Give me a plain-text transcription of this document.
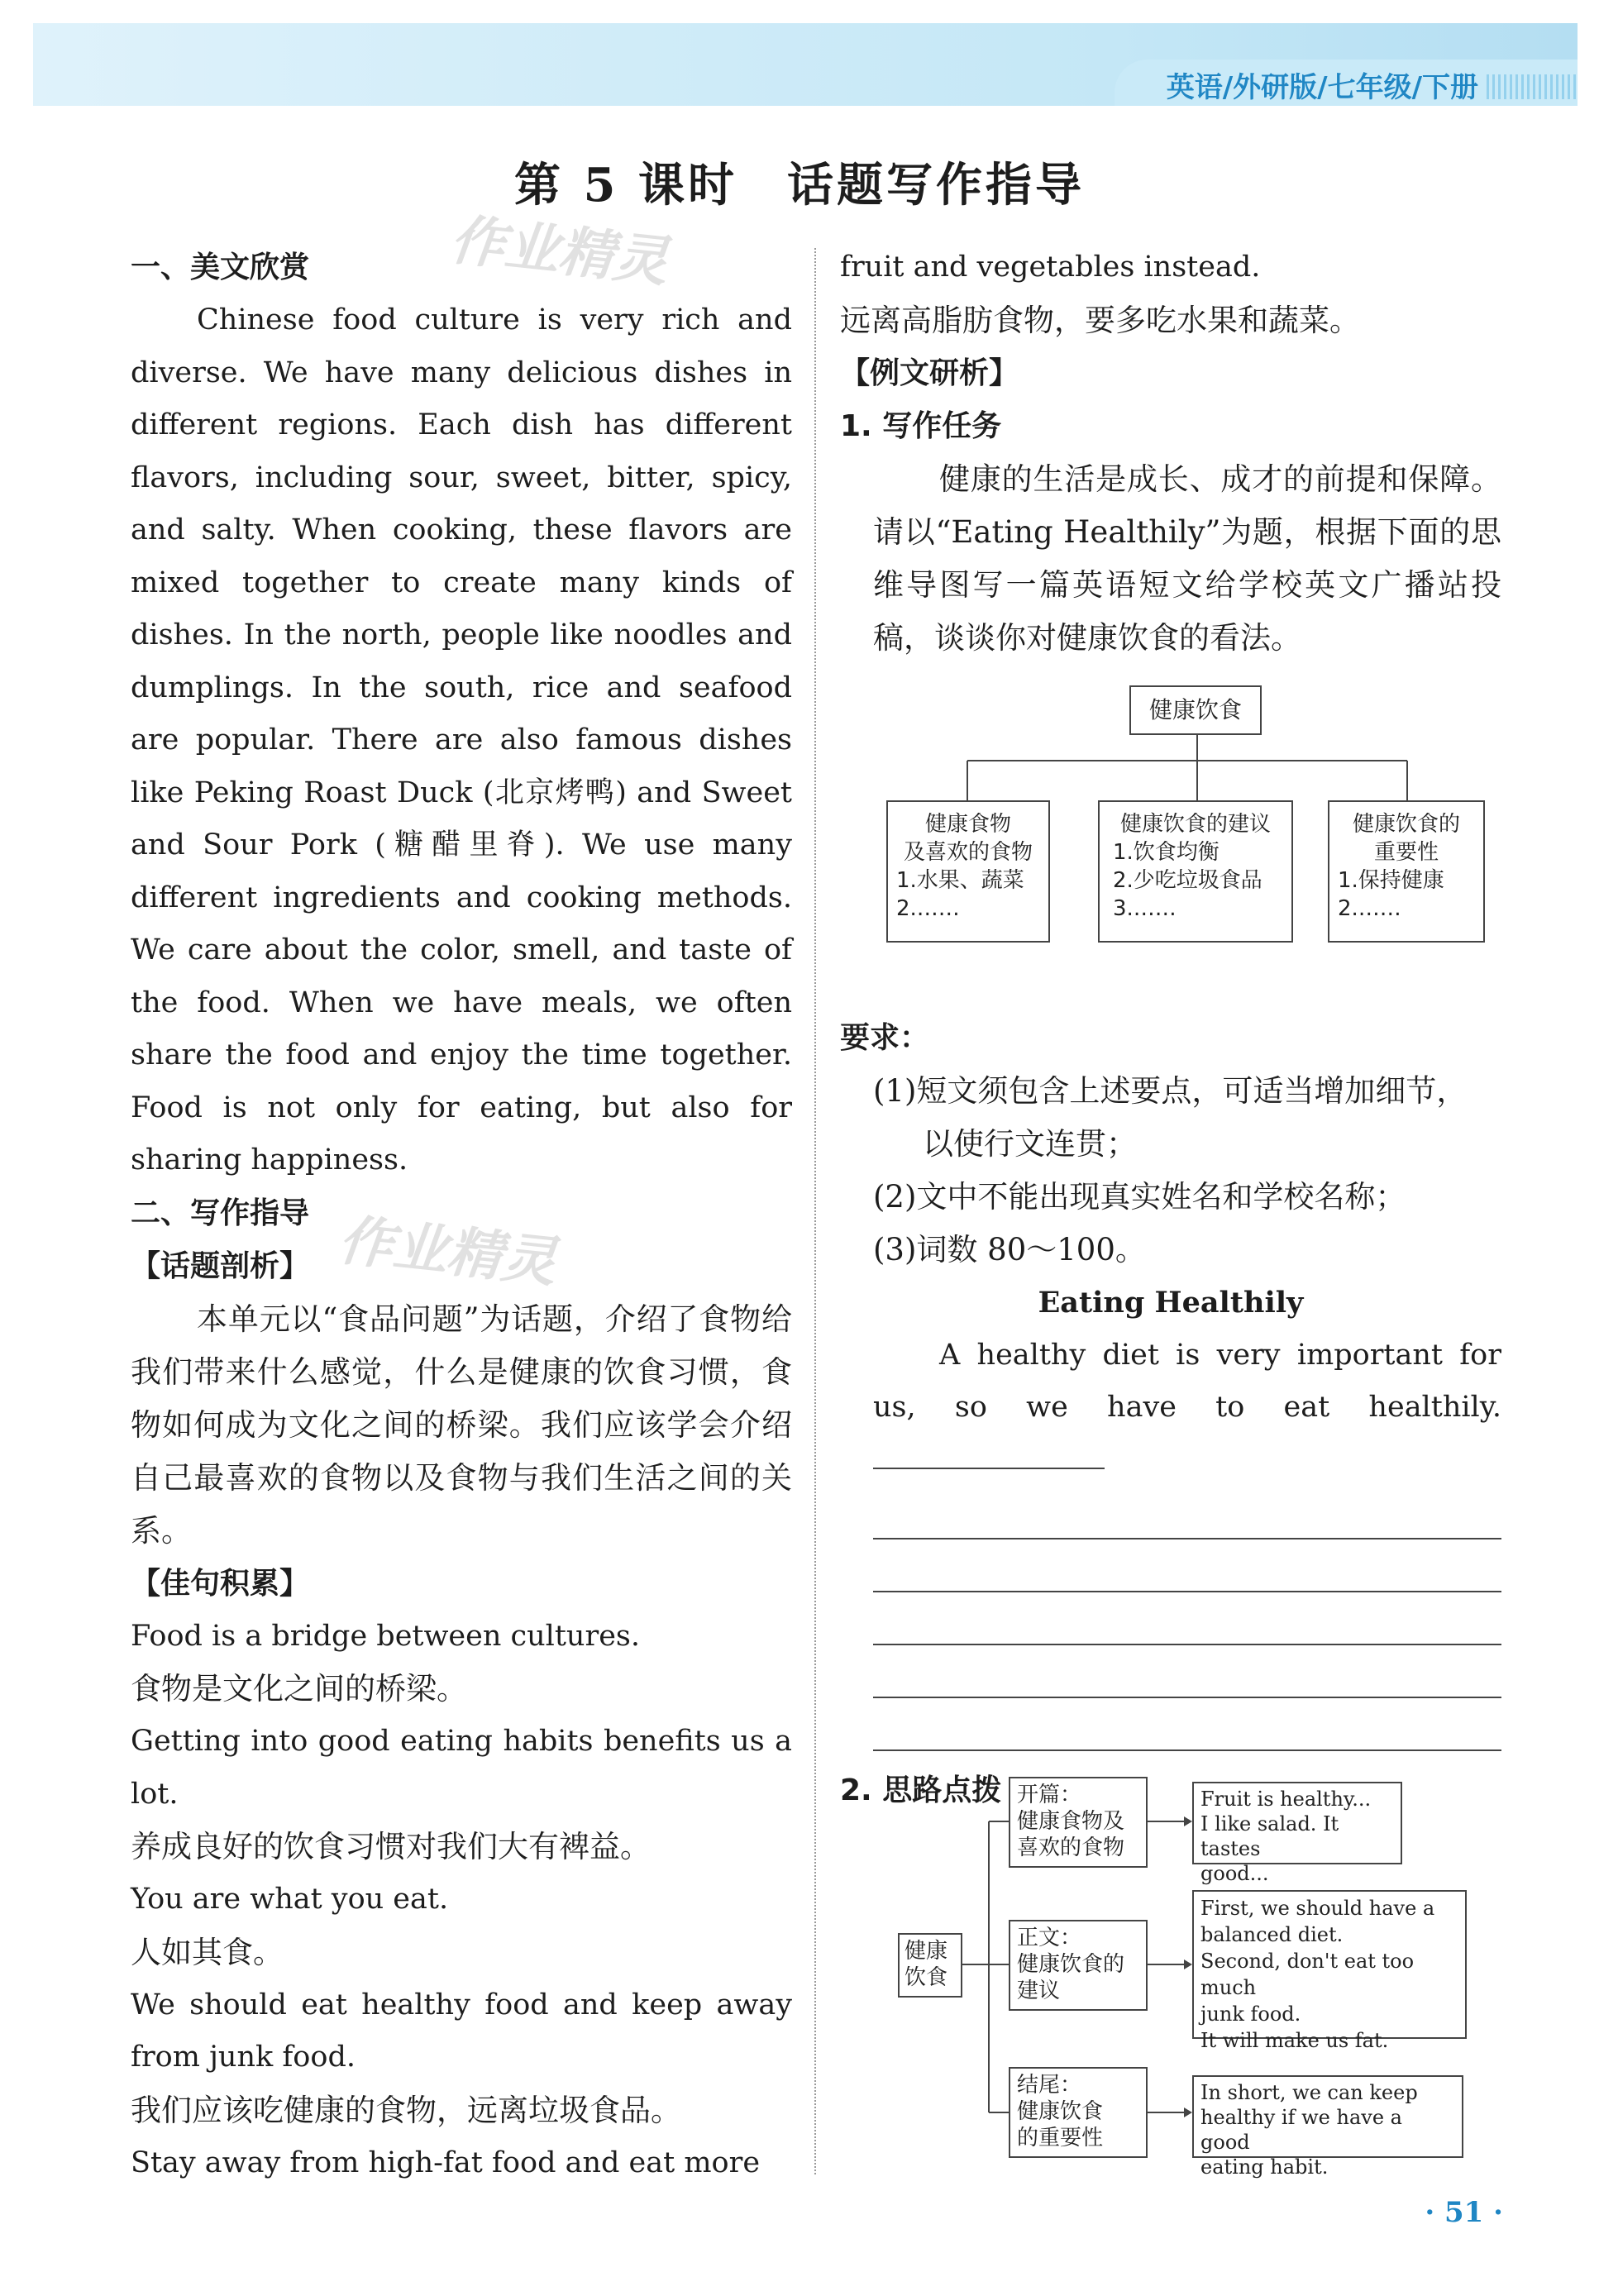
英语/外研版/七年级/下册
第 5 课时　话题写作指导
作业精灵
作业精灵
一、美文欣赏

Chinese food culture is very rich and diverse. We have many delicious dishes in different regions. Each dish has different flavors, including sour, sweet, bitter, spicy, and salty. When cooking, these flavors are mixed together to create many kinds of dishes. In the north, people like noodles and dumplings. In the south, rice and seafood are popular. There are also famous dishes like Peking Roast Duck (北京烤鸭) and Sweet and Sour Pork (糖醋里脊). We use many different ingredients and cooking methods. We care about the color, smell, and taste of the food. When we have meals, we often share the food and enjoy the time together. Food is not only for eating, but also for sharing happiness.

二、写作指导
【话题剖析】

本单元以“食品问题”为话题，介绍了食物给我们带来什么感觉，什么是健康的饮食习惯，食物如何成为文化之间的桥梁。我们应该学会介绍自己最喜欢的食物以及食物与我们生活之间的关系。

【佳句积累】

Food is a bridge between cultures.

食物是文化之间的桥梁。

Getting into good eating habits benefits us a lot.

养成良好的饮食习惯对我们大有裨益。

You are what you eat.

人如其食。

We should eat healthy food and keep away from junk food.

我们应该吃健康的食物，远离垃圾食品。

Stay away from high-fat food and eat more

fruit and vegetables instead.

远离高脂肪食物，要多吃水果和蔬菜。

【例文研析】
1. 写作任务

健康的生活是成长、成才的前提和保障。请以“Eating Healthily”为题，根据下面的思维导图写一篇英语短文给学校英文广播站投稿，谈谈你对健康饮食的看法。

要求：

(1)短文须包含上述要点，可适当增加细节，

以使行文连贯；

(2)文中不能出现真实姓名和学校名称；

(3)词数 80～100。

Eating Healthily

A healthy diet is very important for us, so we have to eat healthily.

2. 思路点拨
健康饮食
健康食物
及喜欢的食物
1.水果、蔬菜
2.……
健康饮食的建议
1.饮食均衡
2.少吃垃圾食品
3.……
健康饮食的
重要性
1.保持健康
2.……
健康
饮食
开篇：
健康食物及
喜欢的食物
Fruit is healthy...
I like salad. It tastes
good...
正文：
健康饮食的
建议
First, we should have a
balanced diet.
Second, don't eat too much
junk food.
It will make us fat.
结尾：
健康饮食
的重要性
In short, we can keep
healthy if we have a good
eating habit.
· 51 ·
